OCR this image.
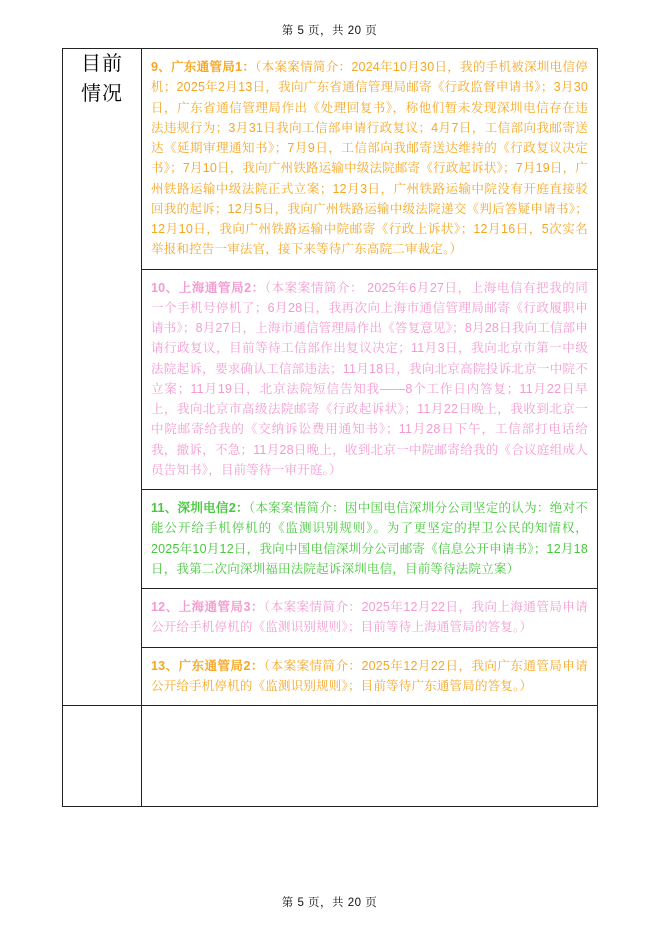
第 5 页，共 20 页
目前
情况

9、广东通管局1：（本案案情简介：2024年10月30日，我的手机被深圳电信停机；2025年2月13日，我向广东省通信管理局邮寄《行政监督申请书》；3月30日，广东省通信管理局作出《处理回复书》，称他们暂未发现深圳电信存在违法违规行为；3月31日我向工信部申请行政复议；4月7日，工信部向我邮寄送达《延期审理通知书》；7月9日，工信部向我邮寄送达维持的《行政复议决定书》；7月10日，我向广州铁路运输中级法院邮寄《行政起诉状》；7月19日，广州铁路运输中级法院正式立案；12月3日，广州铁路运输中院没有开庭直接驳回我的起诉；12月5日，我向广州铁路运输中级法院递交《判后答疑申请书》；12月10日，我向广州铁路运输中院邮寄《行政上诉状》；12月16日，5次实名举报和控告一审法官，接下来等待广东高院二审裁定。）
10、上海通管局2：（本案案情简介： 2025年6月27日，上海电信有把我的同一个手机号停机了；6月28日，我再次向上海市通信管理局邮寄《行政履职申请书》；8月27日，上海市通信管理局作出《答复意见》；8月28日我向工信部申请行政复议，目前等待工信部作出复议决定；11月3日，我向北京市第一中级法院起诉，要求确认工信部违法；11月18日，我向北京高院投诉北京一中院不立案；11月19日，北京法院短信告知我——8个工作日内答复；11月22日早上，我向北京市高级法院邮寄《行政起诉状》；11月22日晚上，我收到北京一中院邮寄给我的《交纳诉讼费用通知书》；11月28日下午，工信部打电话给我，撤诉，不急；11月28日晚上，收到北京一中院邮寄给我的《合议庭组成人员告知书》，目前等待一审开庭。）
11、深圳电信2：（本案案情简介：因中国电信深圳分公司坚定的认为：绝对不能公开给手机停机的《监测识别规则》。为了更坚定的捍卫公民的知情权，2025年10月12日，我向中国电信深圳分公司邮寄《信息公开申请书》；12月18日，我第二次向深圳福田法院起诉深圳电信，目前等待法院立案）
12、上海通管局3：（本案案情简介：2025年12月22日，我向上海通管局申请公开给手机停机的《监测识别规则》；目前等待上海通管局的答复。）
13、广东通管局2：（本案案情简介：2025年12月22日，我向广东通管局申请公开给手机停机的《监测识别规则》；目前等待广东通管局的答复。）

第 5 页，共 20 页
